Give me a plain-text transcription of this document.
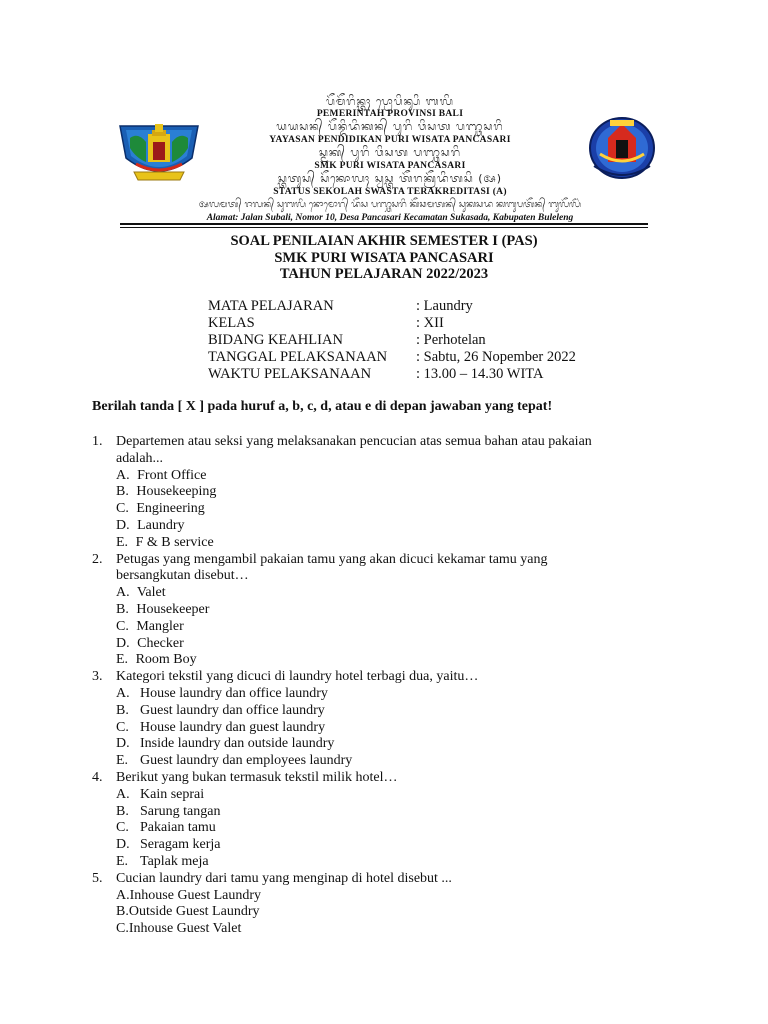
ᬧᭂᬫᭂᬭᬶᬦ᭄ᬢᬄ ᬧ᭄ᬭᭀᬧᬶᬦ᭄ᬲᬶ ᬩᬮᬶ
PEMERINTAH PROVINSI BALI
ᬬᬬᬲᬦ᭄ ᬧᭂᬦ᭄ᬤᬶᬤᬶᬓᬦ᭄ ᬧᬸᬭᬶ ᬯᬶᬲᬢ ᬧᬜ᭄ᬘᬲᬭᬶ
YAYASAN PENDIDIKAN PURI WISATA PANCASARI
ᬲ᭄ᬫᬓ᭄ ᬧᬸᬭᬶ ᬯᬶᬲᬢ ᬧᬜ᭄ᬘᬲᬭᬶ
SMK PURI WISATA PANCASARI
ᬲ᭄ᬢᬢᬸᬲ᭄ ᬲᭂᬓᭀᬮᬄ ᬲ᭄ᬯᬲ᭄ᬢ ᬢᭂᬭᬓ᭄ᬭᭂᬤᬶᬢᬲᬶ (ᬅ)
STATUS SEKOLAH SWASTA TERAKREDITASI (A)
ᬅᬮᬫᬢ᭄ ᬚᬮᬦ᭄ ᬲᬸᬩᬮᬶ ᬦᭀᬫᭀᬭ᭄ ᬤᭂᬲ ᬧᬜ᭄ᬘᬲᬭᬶ ᬓᭂᬘᬫᬢᬦ᭄ ᬲᬸᬓᬲᬤ ᬓᬩᬸᬧᬢᭂᬦ᭄ ᬩᬸᬮᭂᬮᭂᬂ
Alamat: Jalan Subali, Nomor 10, Desa Pancasari Kecamatan Sukasada, Kabupaten Buleleng
SOAL PENILAIAN AKHIR SEMESTER I (PAS)
SMK PURI WISATA PANCASARI
TAHUN PELAJARAN 2022/2023
MATA PELAJARAN	: Laundry
KELAS	: XII
BIDANG KEAHLIAN	: Perhotelan
TANGGAL PELAKSANAAN	: Sabtu, 26 Nopember 2022
WAKTU PELAKSANAAN	: 13.00 – 14.30 WITA
Berilah tanda [ X ] pada huruf a, b, c, d, atau e di depan jawaban yang tepat!
1. Departemen atau seksi yang melaksanakan pencucian atas semua bahan atau pakaian
adalah...
A. Front Office
B. Housekeeping
C. Engineering
D. Laundry
E. F & B service
2. Petugas yang mengambil pakaian tamu yang akan dicuci kekamar tamu yang
bersangkutan disebut…
A. Valet
B. Housekeeper
C. Mangler
D. Checker
E. Room Boy
3. Kategori tekstil yang dicuci di laundry hotel terbagi dua, yaitu…
A. House laundry dan office laundry
B. Guest laundry dan office laundry
C. House laundry dan guest laundry
D. Inside laundry dan outside laundry
E. Guest laundry dan employees laundry
4. Berikut yang bukan termasuk tekstil milik hotel…
A. Kain seprai
B. Sarung tangan
C. Pakaian tamu
D. Seragam kerja
E. Taplak meja
5. Cucian laundry dari tamu yang menginap di hotel disebut ...
A.Inhouse Guest Laundry
B.Outside Guest Laundry
C.Inhouse Guest Valet
